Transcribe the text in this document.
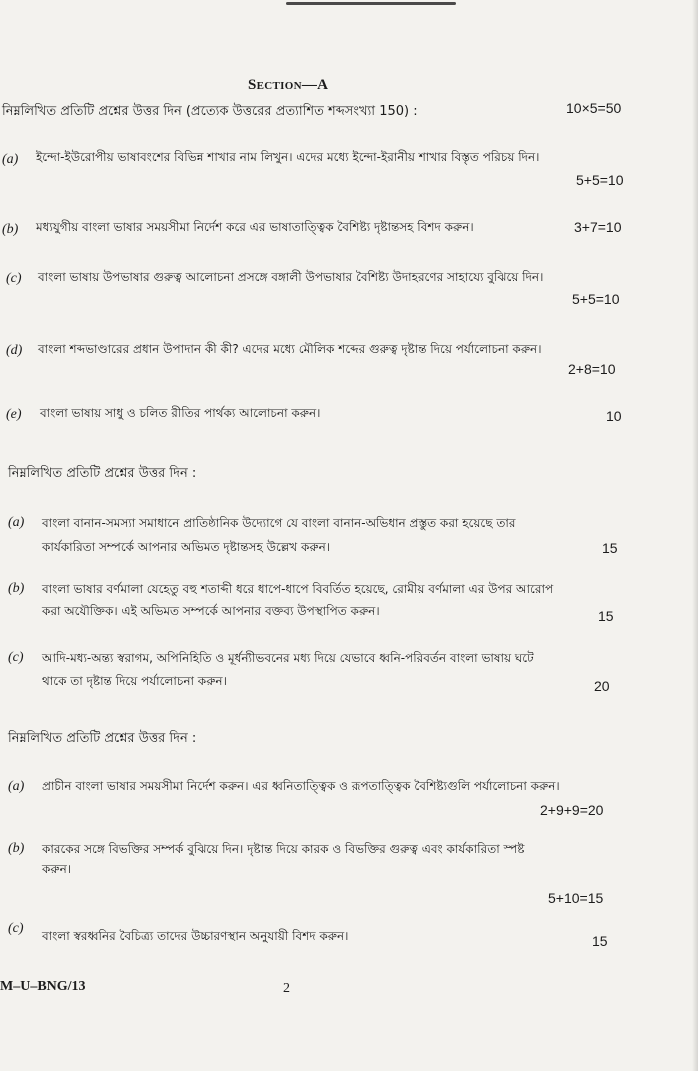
Section—A
নিম্নলিখিত প্রতিটি প্রশ্নের উত্তর দিন (প্রত্যেক উত্তরের প্রত্যাশিত শব্দসংখ্যা 150) :	10×5=50
(a) ইন্দো-ইউরোপীয় ভাষাবংশের বিভিন্ন শাখার নাম লিখুন। এদের মধ্যে ইন্দো-ইরানীয় শাখার বিস্তৃত পরিচয় দিন।
5+5=10
(b) মধ্যযুগীয় বাংলা ভাষার সময়সীমা নির্দেশ করে এর ভাষাতাত্ত্বিক বৈশিষ্ট্য দৃষ্টান্তসহ বিশদ করুন।	3+7=10
(c) বাংলা ভাষায় উপভাষার গুরুত্ব আলোচনা প্রসঙ্গে বঙ্গালী উপভাষার বৈশিষ্ট্য উদাহরণের সাহায্যে বুঝিয়ে দিন।
5+5=10
(d) বাংলা শব্দভাণ্ডারের প্রধান উপাদান কী কী? এদের মধ্যে মৌলিক শব্দের গুরুত্ব দৃষ্টান্ত দিয়ে পর্যালোচনা করুন।
2+8=10
(e) বাংলা ভাষায় সাধু ও চলিত রীতির পার্থক্য আলোচনা করুন।	10
নিম্নলিখিত প্রতিটি প্রশ্নের উত্তর দিন :
(a) বাংলা বানান-সমস্যা সমাধানে প্রাতিষ্ঠানিক উদ্যোগে যে বাংলা বানান-অভিধান প্রস্তুত করা হয়েছে তার
কার্যকারিতা সম্পর্কে আপনার অভিমত দৃষ্টান্তসহ উল্লেখ করুন।	15
(b) বাংলা ভাষার বর্ণমালা যেহেতু বহু শতাব্দী ধরে ধাপে-ধাপে বিবর্তিত হয়েছে, রোমীয় বর্ণমালা এর উপর আরোপ
করা অযৌক্তিক। এই অভিমত সম্পর্কে আপনার বক্তব্য উপস্থাপিত করুন।	15
(c) আদি-মধ্য-অন্ত্য স্বরাগম, অপিনিহিতি ও মূর্ধন্যীভবনের মধ্য দিয়ে যেভাবে ধ্বনি-পরিবর্তন বাংলা ভাষায় ঘটে
থাকে তা দৃষ্টান্ত দিয়ে পর্যালোচনা করুন।	20
নিম্নলিখিত প্রতিটি প্রশ্নের উত্তর দিন :
(a) প্রাচীন বাংলা ভাষার সময়সীমা নির্দেশ করুন। এর ধ্বনিতাত্ত্বিক ও রূপতাত্ত্বিক বৈশিষ্ট্যগুলি পর্যালোচনা করুন।
2+9+9=20
(b) কারকের সঙ্গে বিভক্তির সম্পর্ক বুঝিয়ে দিন। দৃষ্টান্ত দিয়ে কারক ও বিভক্তির গুরুত্ব এবং কার্যকারিতা স্পষ্ট
করুন।
5+10=15
(c) বাংলা স্বরধ্বনির বৈচিত্র্য তাদের উচ্চারণস্থান অনুযায়ী বিশদ করুন।	15
M–U–BNG/13	2
